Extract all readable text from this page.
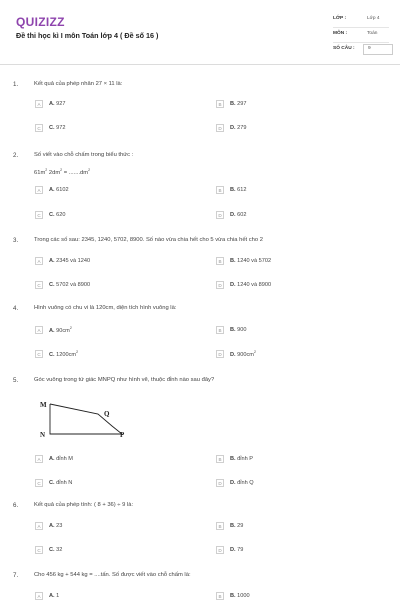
QUIZIZZ
Đề thi học kì I môn Toán lớp 4 ( Đề số 16 )
LỚP :	Lớp 4
MÔN :	Toán
SỐ CÂU :	9
1.	Kết quả của phép nhân 27 × 11 là:
A	A. 927	B	B. 297
C	C. 972	D	D. 279
2.	Số viết vào chỗ chấm trong biểu thức :
A	A. 6102	B	B. 612
C	C. 620	D	D. 602
3.	Trong các số sau: 2345, 1240, 5702, 8900. Số nào vừa chia hết cho 5 vừa chia hết cho 2
A	A. 2345 và 1240	B	B. 1240 và 5702
C	C. 5702 và 8900	D	D. 1240 và 8900
4.	Hình vuông có chu vi là 120cm, diện tích hình vuông là:
A	A. $90cm^2$	B	B. 900
C	C. $1200cm^2$	D	D. $900cm^2$
5.	Góc vuông trong tứ giác MNPQ như hình vẽ, thuộc đỉnh nào sau đây?
A	A. đỉnh M	B	B. đỉnh P
C	C. đỉnh N	D	D. đỉnh Q
6.	Kết quả của phép tính: ( 8 + 36) ÷ 9 là:
A	A. 23	B	B. 29
C	C. 32	D	D. 79
7.	Cho 456 kg + 544 kg = ....tấn. Số được viết vào chỗ chấm là:
A	A. 1	B	B. 1000
$61m^2$ $2dm^2 = .......dm^2$
M
Q
N	P
